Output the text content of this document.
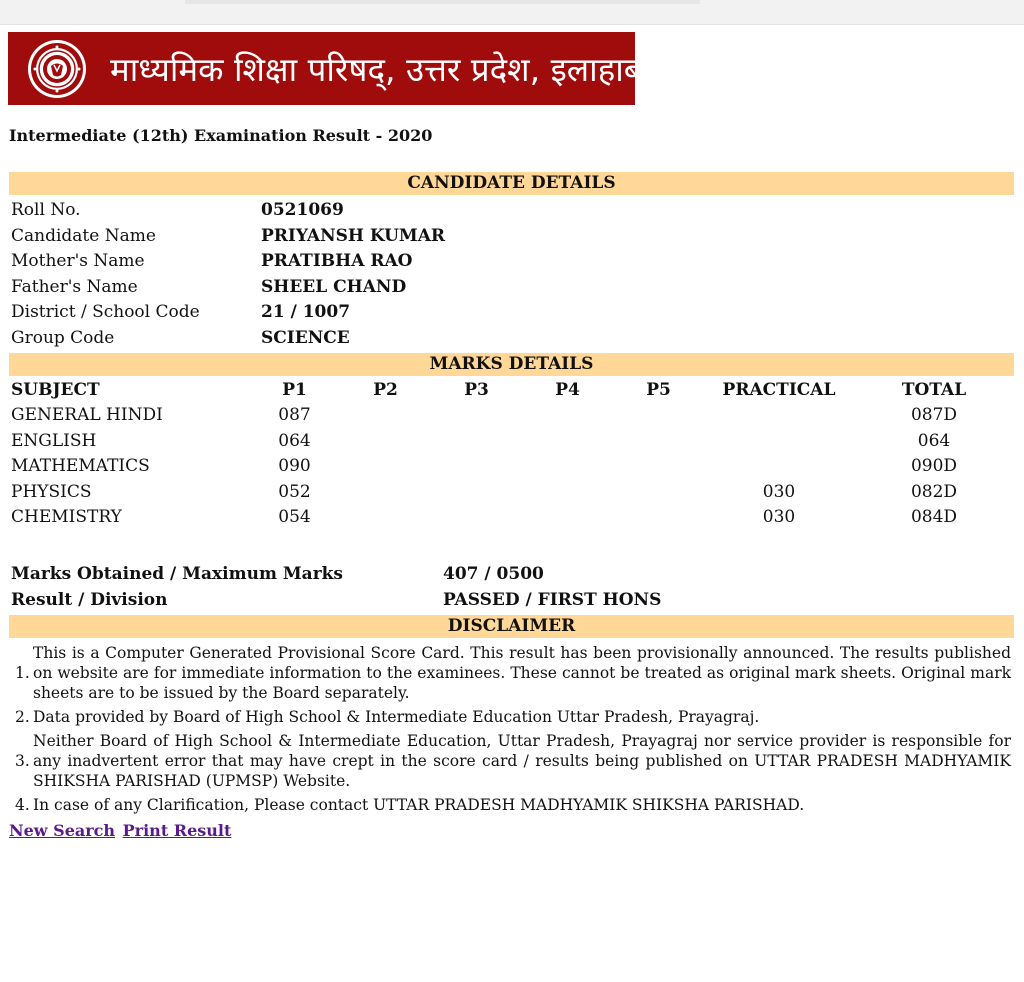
माध्यमिक शिक्षा परिषद्, उत्तर प्रदेश, इलाहाबाद
Intermediate (12th) Examination Result - 2020
CANDIDATE DETAILS
Roll No.	0521069
Candidate Name	PRIYANSH KUMAR
Mother's Name	PRATIBHA RAO
Father's Name	SHEEL CHAND
District / School Code	21 / 1007
Group Code	SCIENCE
MARKS DETAILS
SUBJECT	P1	P2	P3	P4	P5	PRACTICAL	TOTAL
GENERAL HINDI	087						087D
ENGLISH	064						064
MATHEMATICS	090						090D
PHYSICS	052					030	082D
CHEMISTRY	054					030	084D
Marks Obtained / Maximum Marks	407 / 0500
Result / Division	PASSED / FIRST HONS
DISCLAIMER
1.
This is a Computer Generated Provisional Score Card. This result has been provisionally announced. The results published on website are for immediate information to the examinees. These cannot be treated as original mark sheets. Original mark sheets are to be issued by the Board separately.
2. Data provided by Board of High School & Intermediate Education Uttar Pradesh, Prayagraj.
3.
Neither Board of High School & Intermediate Education, Uttar Pradesh, Prayagraj nor service provider is responsible for any inadvertent error that may have crept in the score card / results being published on UTTAR PRADESH MADHYAMIK SHIKSHA PARISHAD (UPMSP) Website.
4. In case of any Clarification, Please contact UTTAR PRADESH MADHYAMIK SHIKSHA PARISHAD.
New Search Print Result
